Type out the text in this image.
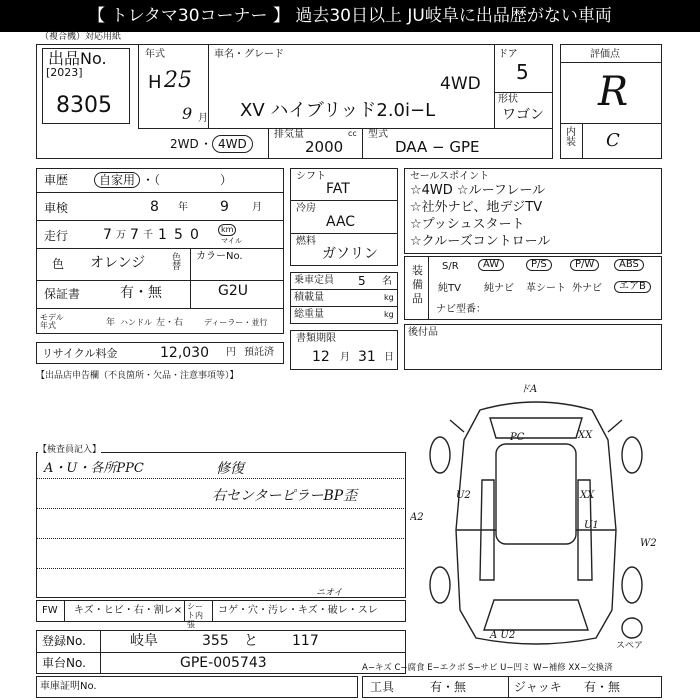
【 トレタマ30コーナー 】 過去30日以上 JU岐阜に出品歴がない車両
（複合機）対応用紙
出品No.
[2023]
8305
年式
H 25
9 月
車名・グレード
4WD
XV ハイブリッド2.0i−L
ドア
5
形状
ワゴン
評価点
R
内装 C
2WD ・ 4WD
排気量
2000
cc 型式
DAA − GPE
車歴	自家用 ・（　　　　　）
車検	8 年 9 月
走行 7 万 7 千 1 5 0	km
マイル
色 オレンジ	色替
カラーNo.
G2U
保証書	有・無
モデル年式	年 ハンドル 左・右	ディーラー・並行
シフト
FAT
冷房
AAC
燃料
ガソリン
乗車定員 5 名
積載量	kg
総重量	kg
セールスポイント
☆4WD ☆ルーフレール
☆社外ナビ、地デジTV
☆プッシュスタート
☆クルーズコントロール
装備品
S/R	AW	P/S	P/W	ABS
純TV 純ナビ 革シート 外ナビ	エアB
ナビ型番：
リサイクル料金	12,030 円 預託済
書類期限
12 月 31 日
後付品
【出品店申告欄（不良箇所・欠品・注意事項等）】
【検査員記入】
A・U・各所PPC	修復
右センターピラーBP歪
FW キズ・ヒビ・右・割レ× シート内張
コゲ・穴・汚レ・キズ・破レ・スレ
ニオイ
登録No.	岐阜	355 と 117
車台No.	GPE-005743	A−キズ C−腐食 E−エクボ S−サビ U−凹ミ W−補修 XX−交換済
車庫証明No.	工具	有・無	ジャッキ 有・無
ドA
PC	XX
XX
U2
U1
A2
W2
A U2
スペア
